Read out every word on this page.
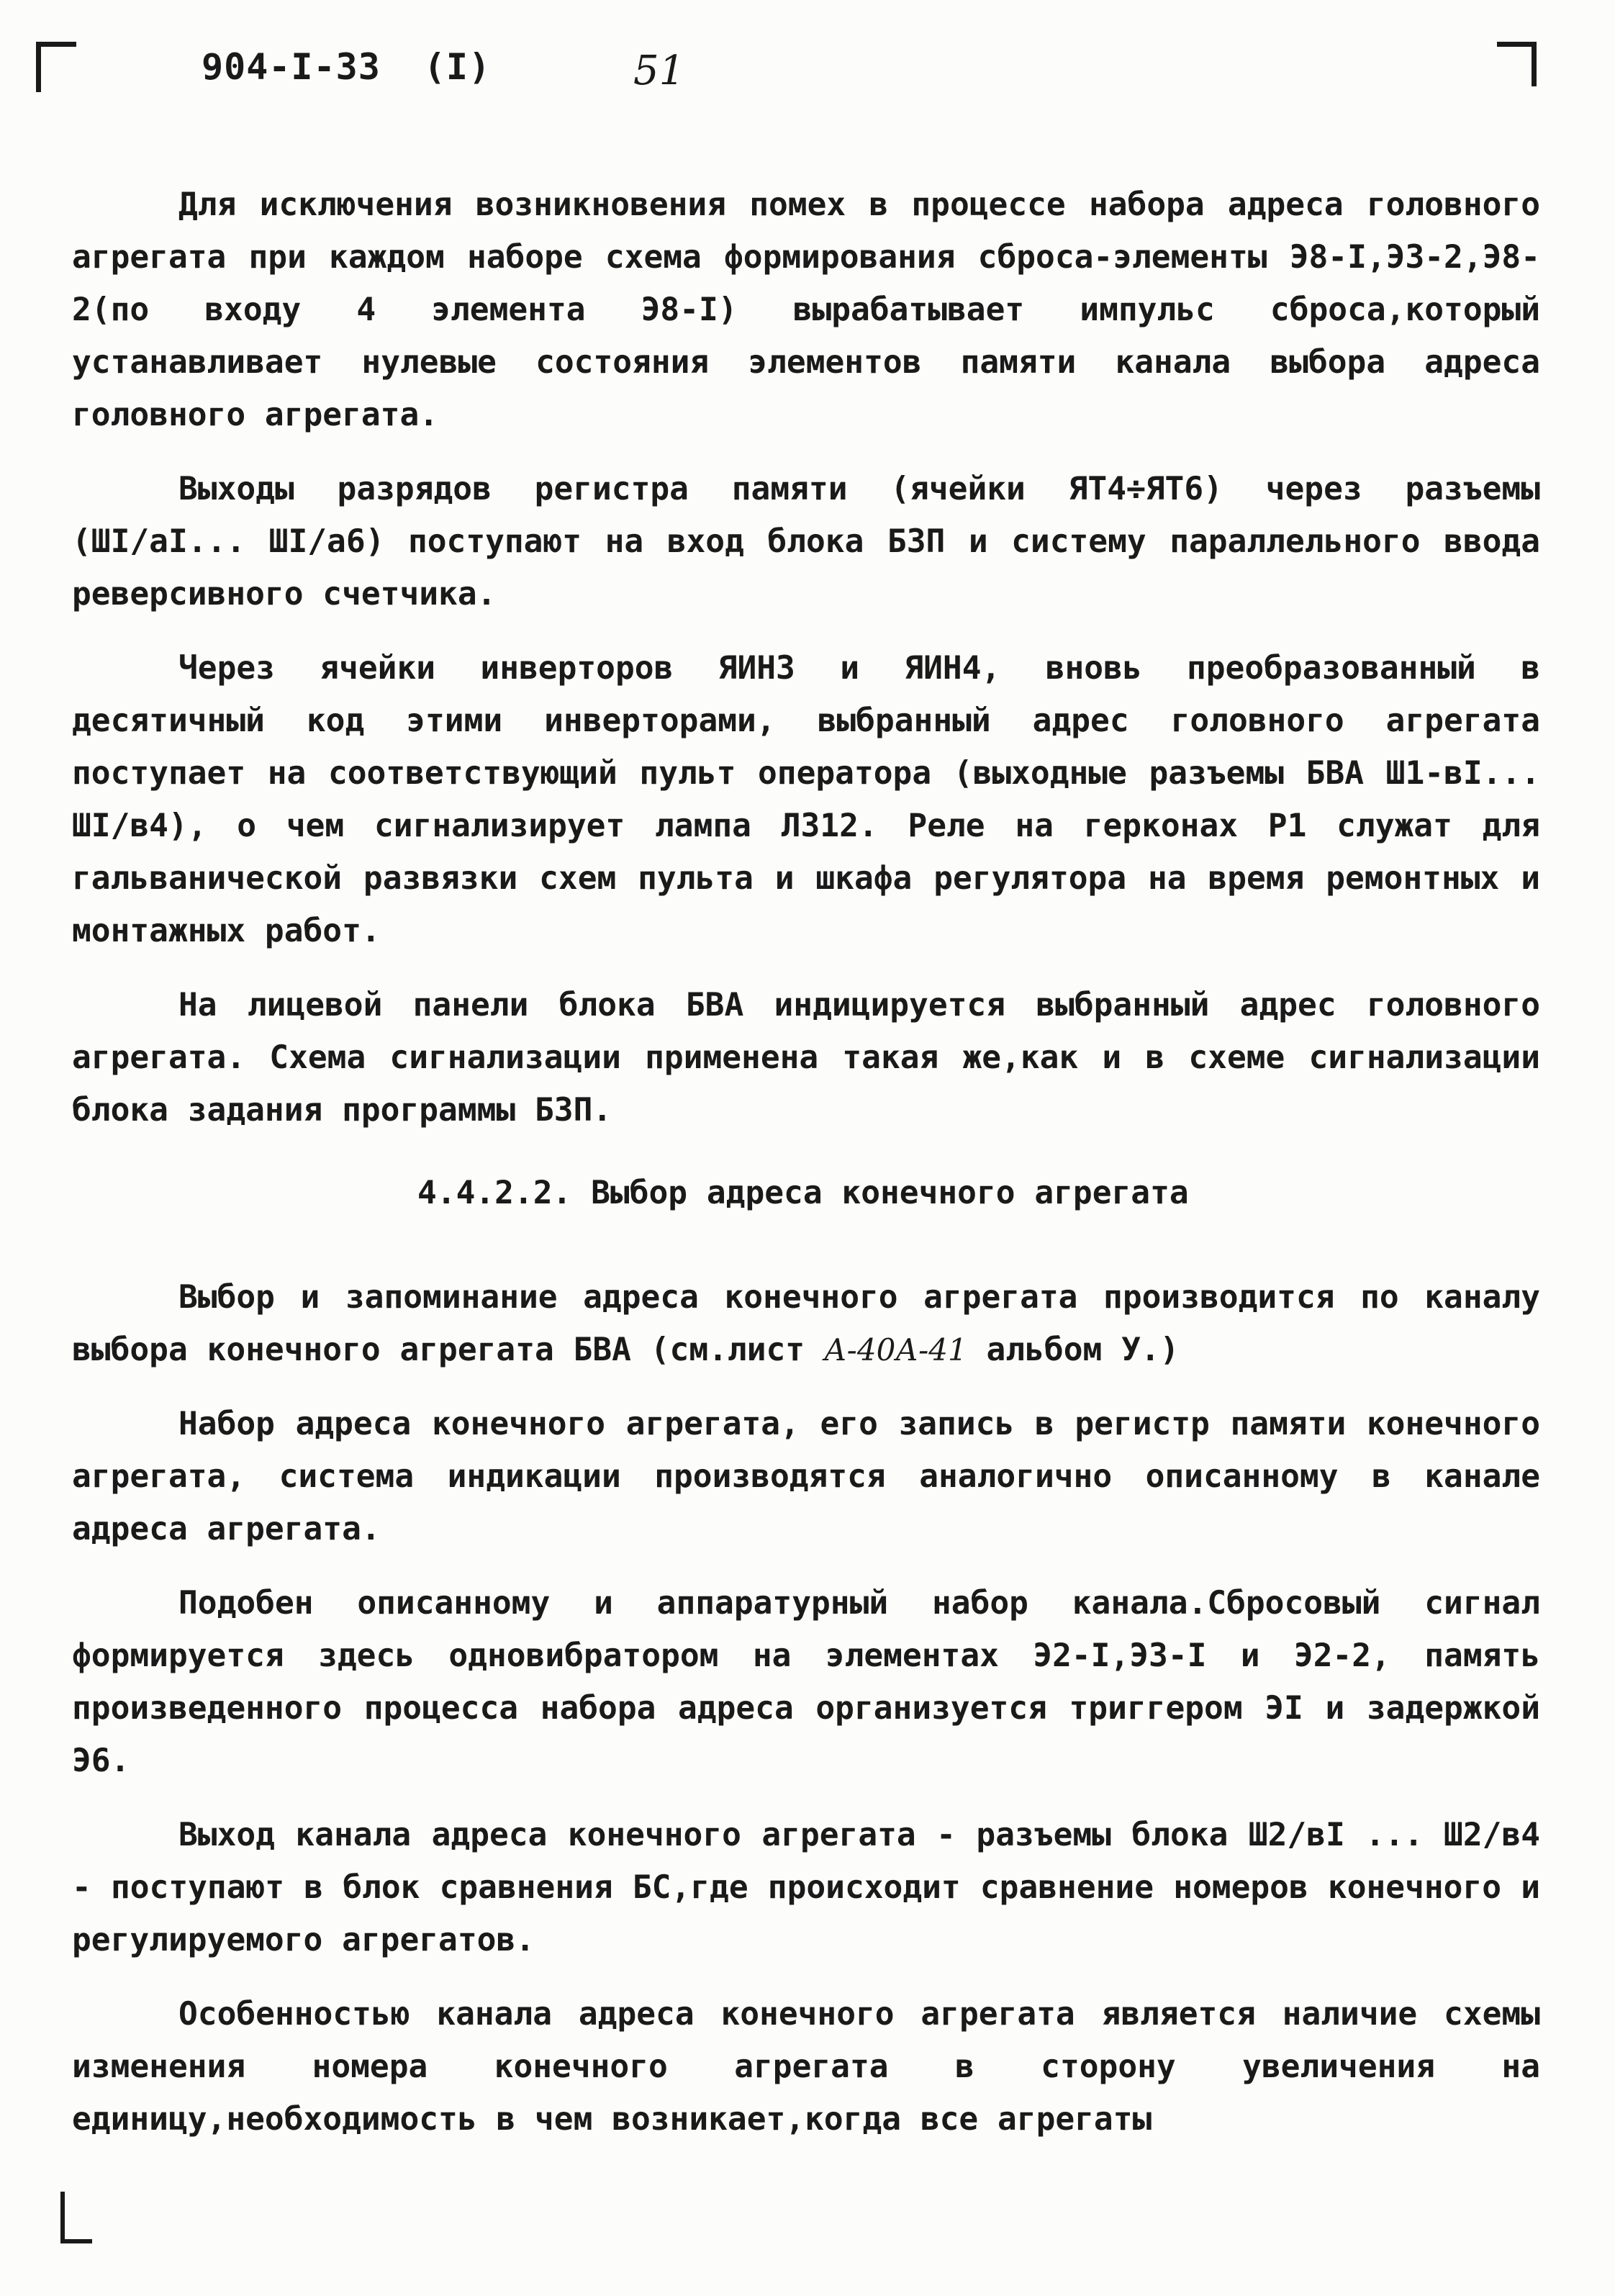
904-I-33 (I)	51

Для исключения возникновения помех в процессе набора адреса головного агрегата при каждом наборе схема формирования сброса-элементы Э8-I,Э3-2,Э8-2(по входу 4 элемента Э8-I) вырабатывает импульс сброса,который устанавливает нулевые состояния элементов памяти канала выбора адреса головного агрегата.

Выходы разрядов регистра памяти (ячейки ЯТ4÷ЯТ6) через разъемы (ШI/aI... ШI/a6) поступают на вход блока БЗП и систему параллельного ввода реверсивного счетчика.

Через ячейки инверторов ЯИН3 и ЯИН4, вновь преобразованный в десятичный код этими инверторами, выбранный адрес головного агрегата поступает на соответствующий пульт оператора (выходные разъемы БВА Ш1-вI... ШI/в4), о чем сигнализирует лампа Л312. Реле на герконах Р1 служат для гальванической развязки схем пульта и шкафа регулятора на время ремонтных и монтажных работ.

На лицевой панели блока БВА индицируется выбранный адрес головного агрегата. Схема сигнализации применена такая же,как и в схеме сигнализации блока задания программы БЗП.

4.4.2.2. Выбор адреса конечного агрегата

Выбор и запоминание адреса конечного агрегата производится по каналу выбора конечного агрегата БВА (см.лист А-40А-41 альбом У.)

Набор адреса конечного агрегата, его запись в регистр памяти конечного агрегата, система индикации производятся аналогично описанному в канале адреса агрегата.

Подобен описанному и аппаратурный набор канала.Сбросовый сигнал формируется здесь одновибратором на элементах Э2-I,Э3-I и Э2-2, память произведенного процесса набора адреса организуется триггером ЭI и задержкой Э6.

Выход канала адреса конечного агрегата - разъемы блока Ш2/вI ... Ш2/в4 - поступают в блок сравнения БС,где происходит сравнение номеров конечного и регулируемого агрегатов.

Особенностью канала адреса конечного агрегата является наличие схемы изменения номера конечного агрегата в сторону увеличения на единицу,необходимость в чем возникает,когда все агрегаты
